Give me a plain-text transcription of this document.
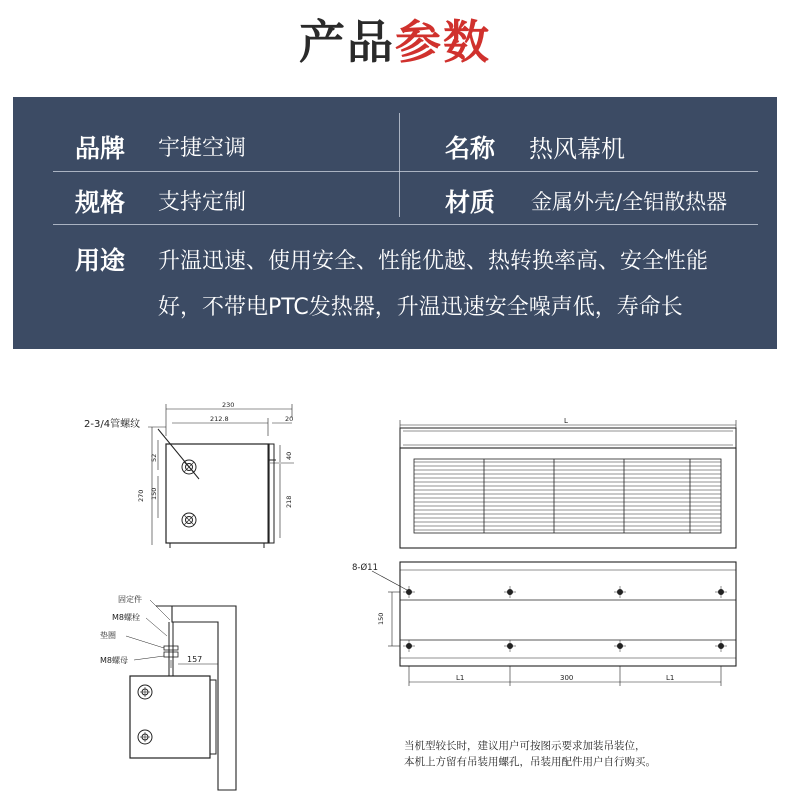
产品参数
品牌 宇捷空调	名称 热风幕机
规格 支持定制	材质 金属外壳/全铝散热器
用途 升温迅速、使用安全、性能优越、热转换率高、安全性能
好，不带电PTC发热器，升温迅速安全噪声低，寿命长
2-3/4管螺纹
230
212.8	20
52	40
270 150
218
L
8-Ø11
150
L1	300	L1
固定件
M8螺栓
垫圈
M8螺母	157
当机型较长时，建议用户可按图示要求加装吊装位，
本机上方留有吊装用螺孔，吊装用配件用户自行购买。
